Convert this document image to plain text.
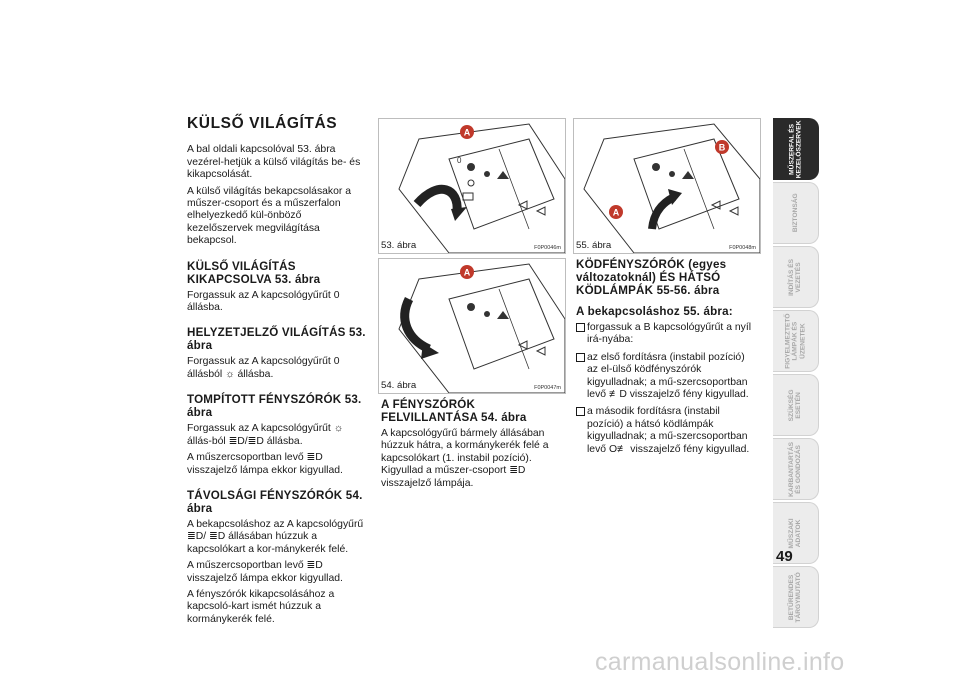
KÜLSŐ VILÁGÍTÁS

A bal oldali kapcsolóval 53. ábra vezérel-hetjük a külső világítás be- és kikapcsolását.

A külső világítás bekapcsolásakor a műszer-csoport és a műszerfalon elhelyezkedő kül-önböző kezelőszervek megvilágítása bekapcsol.

KÜLSŐ VILÁGÍTÁS KIKAPCSOLVA 53. ábra

Forgassuk az A kapcsológyűrűt 0 állásba.

HELYZETJELZŐ VILÁGÍTÁS 53. ábra

Forgassuk az A kapcsológyűrűt 0 állásból ☼ állásba.

TOMPÍTOTT FÉNYSZÓRÓK 53. ábra

Forgassuk az A kapcsológyűrűt ☼ állás-ból ≣D/≣D állásba.

A műszercsoportban levő ≣D visszajelző lámpa ekkor kigyullad.

TÁVOLSÁGI FÉNYSZÓRÓK 54. ábra

A bekapcsoláshoz az A kapcsológyűrű ≣D/ ≣D állásában húzzuk a kapcsolókart a kor-mánykerék felé.

A műszercsoportban levő ≣D visszajelző lámpa ekkor kigyullad.

A fényszórók kikapcsolásához a kapcsoló-kart ismét húzzuk a kormánykerék felé.

A
0
F0P0046m
53. ábra
A
F0P0047m
54. ábra
A FÉNYSZÓRÓK FELVILLANTÁSA 54. ábra

A kapcsológyűrű bármely állásában húzzuk hátra, a kormánykerék felé a kapcsolókart (1. instabil pozíció). Kigyullad a műszer-csoport ≣D visszajelző lámpája.

B
A
F0P0048m
55. ábra
KÖDFÉNYSZÓRÓK (egyes változatoknál) ÉS HÁTSÓ KÖDLÁMPÁK 55-56. ábra
A bekapcsoláshoz 55. ábra:
forgassuk a B kapcsológyűrűt a nyíl irá-nyába:
az első fordításra (instabil pozíció) az el-ülső ködfényszórók kigyulladnak; a mű-szercsoportban levő ≢D visszajelző fény kigyullad.
a második fordításra (instabil pozíció) a hátsó ködlámpák kigyulladnak; a mű-szercsoportban levő O≢ visszajelző fény kigyullad.
MŰSZERFAL ÉS
KEZELŐSZERVEK
BIZTONSÁG
INDÍTÁS ÉS
VEZETÉS
FIGYELMEZTETŐ
LÁMPÁK ÉS
ÜZENETEK
SZÜKSÉG
ESETÉN
KARBANTARTÁS
ÉS GONDOZÁS
MŰSZAKI
ADATOK
BETŰRENDES
TÁRGYMUTATÓ
49
carmanualsonline.info
